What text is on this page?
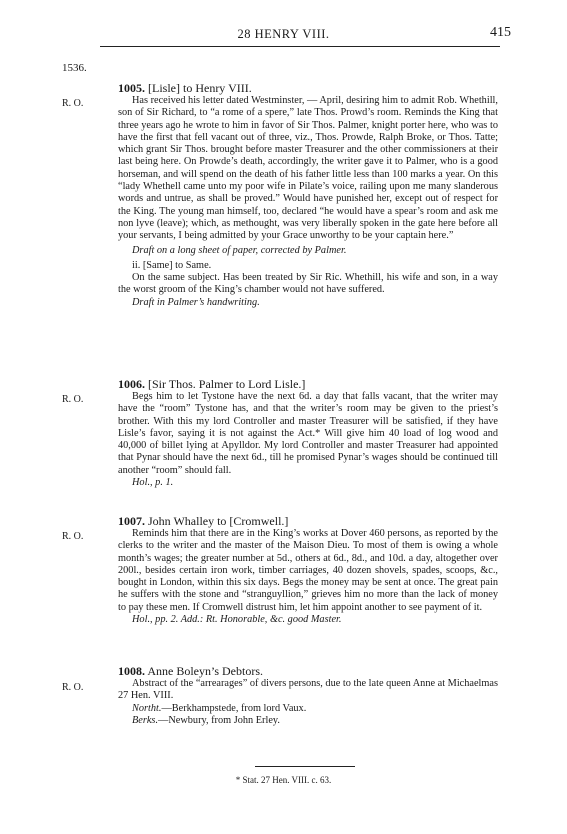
28 HENRY VIII.	415
1536.
R. O.
1005. [Lisle] to Henry VIII.

Has received his letter dated Westminster, — April, desiring him to admit Rob. Whethill, son of Sir Richard, to “a rome of a spere,” late Thos. Prowd’s room. Reminds the King that three years ago he wrote to him in favor of Sir Thos. Palmer, knight porter here, who was to have the first that fell vacant out of three, viz., Thos. Prowde, Ralph Broke, or Thos. Tatte; which grant Sir Thos. brought before master Treasurer and the other commissioners at their last being here. On Prowde’s death, accordingly, the writer gave it to Palmer, who is a good horseman, and will spend on the death of his father little less than 100 marks a year. On this “lady Whethell came unto my poor wife in Pilate’s voice, railing upon me many slanderous words and untrue, as shall be proved.” Would have punished her, except out of respect for the King. The young man himself, too, declared “he would have a spear’s room and ask me non lyve (leave); which, as methought, was very liberally spoken in the gate here before all your servants, I being admitted by your Grace unworthy to be your captain here.”

Draft on a long sheet of paper, corrected by Palmer.

ii. [Same] to Same.

On the same subject. Has been treated by Sir Ric. Whethill, his wife and son, in a way the worst groom of the King’s chamber would not have suffered.

Draft in Palmer’s handwriting.

R. O.
1006. [Sir Thos. Palmer to Lord Lisle.]

Begs him to let Tystone have the next 6d. a day that falls vacant, that the writer may have the “room” Tystone has, and that the writer’s room may be given to the priest’s brother. With this my lord Controller and master Treasurer will be satisfied, if they have Lisle’s favor, saying it is not against the Act.* Will give him 40 load of log wood and 40,000 of billet lying at Apylldor. My lord Controller and master Treasurer had appointed that Pynar should have the next 6d., till he promised Pynar’s wages should be continued till another “room” should fall.

Hol., p. 1.

R. O.
1007. John Whalley to [Cromwell.]

Reminds him that there are in the King’s works at Dover 460 persons, as reported by the clerks to the writer and the master of the Maison Dieu. To most of them is owing a whole month’s wages; the greater number at 5d., others at 6d., 8d., and 10d. a day, altogether over 200l., besides certain iron work, timber carriages, 40 dozen shovels, spades, scoops, &c., bought in London, within this six days. Begs the money may be sent at once. The great pain he suffers with the stone and “stranguyllion,” grieves him no more than the lack of money to pay these men. If Cromwell distrust him, let him appoint another to see payment of it.

Hol., pp. 2. Add.: Rt. Honorable, &c. good Master.

R. O.
1008. Anne Boleyn’s Debtors.

Abstract of the “arrearages” of divers persons, due to the late queen Anne at Michaelmas 27 Hen. VIII.

Northt.—Berkhampstede, from lord Vaux.

Berks.—Newbury, from John Erley.

* Stat. 27 Hen. VIII. c. 63.
